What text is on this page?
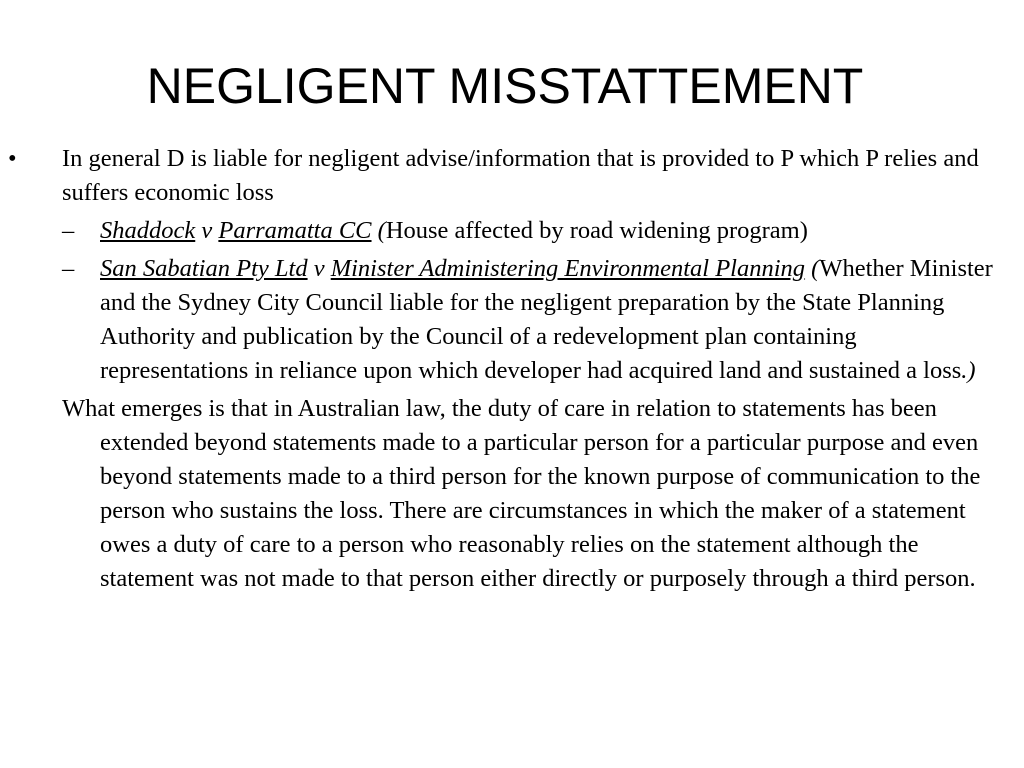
NEGLIGENT MISSTATTEMENT
• In general D is liable for negligent advise/information that is provided to P which P relies and suffers economic loss
– Shaddock v Parramatta CC (House affected by road widening program)
– San Sabatian Pty Ltd v Minister Administering Environmental Planning (Whether Minister and the Sydney City Council liable for the negligent preparation by the State Planning Authority and publication by the Council of a redevelopment plan containing representations in reliance upon which developer had acquired land and sustained a loss.)
What emerges is that in Australian law, the duty of care in relation to statements has been extended beyond statements made to a particular person for a particular purpose and even beyond statements made to a third person for the known purpose of communication to the person who sustains the loss. There are circumstances in which the maker of a statement owes a duty of care to a person who reasonably relies on the statement although the statement was not made to that person either directly or purposely through a third person.
